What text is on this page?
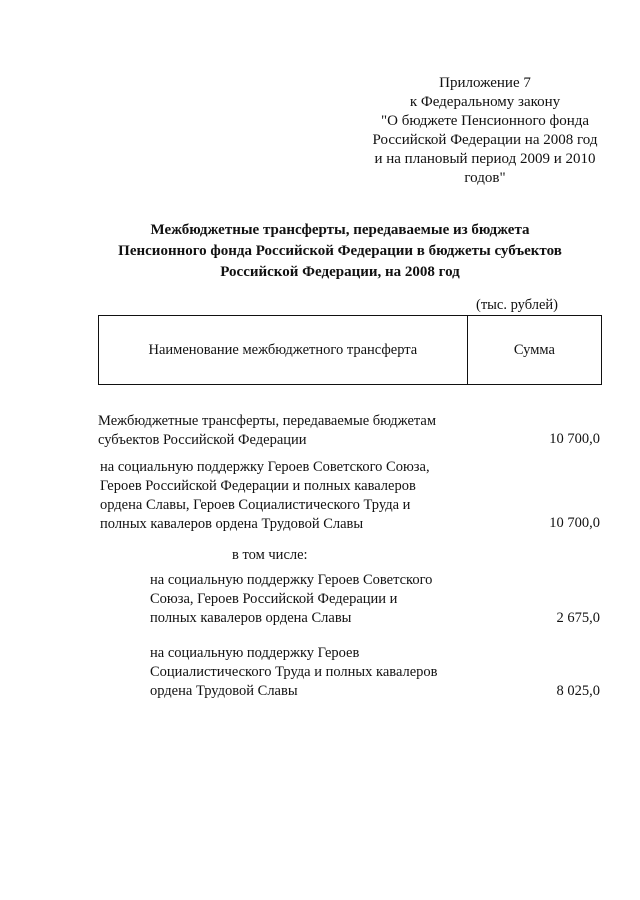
Приложение 7
к Федеральному закону
"О бюджете Пенсионного фонда
Российской Федерации на 2008 год
и на плановый период 2009 и 2010
годов"
Межбюджетные трансферты, передаваемые из бюджета
Пенсионного фонда Российской Федерации в бюджеты субъектов
Российской Федерации, на 2008 год
(тыс. рублей)
Наименование межбюджетного трансферта	Сумма
Межбюджетные трансферты, передаваемые бюджетам
субъектов Российской Федерации	10 700,0
на социальную поддержку Героев Советского Союза,
Героев Российской Федерации и полных кавалеров
ордена Славы, Героев Социалистического Труда и
полных кавалеров ордена Трудовой Славы	10 700,0
в том числе:
на социальную поддержку Героев Советского
Союза, Героев Российской Федерации и
полных кавалеров ордена Славы	2 675,0
на социальную поддержку Героев
Социалистического Труда и полных кавалеров
ордена Трудовой Славы	8 025,0
